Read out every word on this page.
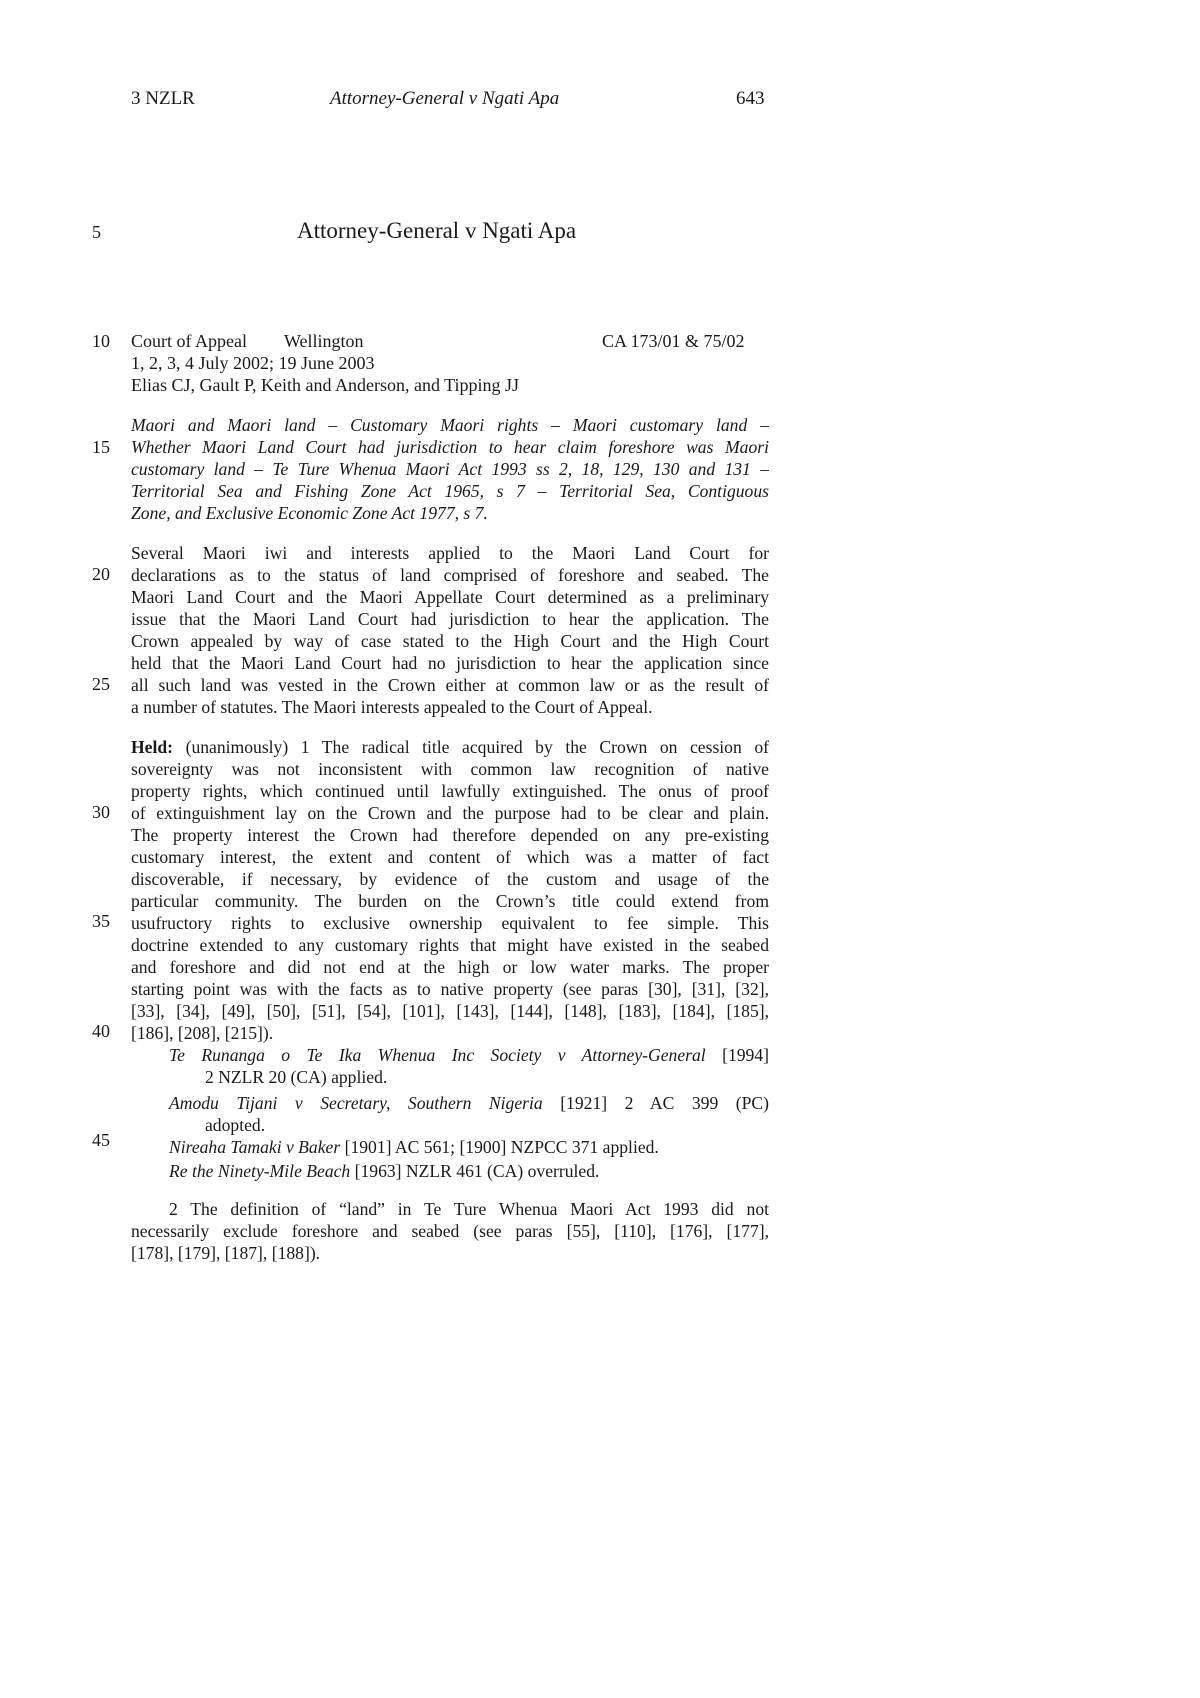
3 NZLR	Attorney-General v Ngati Apa	643
5
10
15
20
25
30
35
40
45
Attorney-General v Ngati Apa
Court of Appeal Wellington	CA 173/01 & 75/02
1, 2, 3, 4 July 2002; 19 June 2003
Elias CJ, Gault P, Keith and Anderson, and Tipping JJ
Maori and Maori land – Customary Maori rights – Maori customary land –
Whether Maori Land Court had jurisdiction to hear claim foreshore was Maori
customary land – Te Ture Whenua Maori Act 1993 ss 2, 18, 129, 130 and 131 –
Territorial Sea and Fishing Zone Act 1965, s 7 – Territorial Sea, Contiguous
Zone, and Exclusive Economic Zone Act 1977, s 7.
Several Maori iwi and interests applied to the Maori Land Court for
declarations as to the status of land comprised of foreshore and seabed. The
Maori Land Court and the Maori Appellate Court determined as a preliminary
issue that the Maori Land Court had jurisdiction to hear the application. The
Crown appealed by way of case stated to the High Court and the High Court
held that the Maori Land Court had no jurisdiction to hear the application since
all such land was vested in the Crown either at common law or as the result of
a number of statutes. The Maori interests appealed to the Court of Appeal.
Held: (unanimously) 1 The radical title acquired by the Crown on cession of
sovereignty was not inconsistent with common law recognition of native
property rights, which continued until lawfully extinguished. The onus of proof
of extinguishment lay on the Crown and the purpose had to be clear and plain.
The property interest the Crown had therefore depended on any pre-existing
customary interest, the extent and content of which was a matter of fact
discoverable, if necessary, by evidence of the custom and usage of the
particular community. The burden on the Crown’s title could extend from
usufructory rights to exclusive ownership equivalent to fee simple. This
doctrine extended to any customary rights that might have existed in the seabed
and foreshore and did not end at the high or low water marks. The proper
starting point was with the facts as to native property (see paras [30], [31], [32],
[33], [34], [49], [50], [51], [54], [101], [143], [144], [148], [183], [184], [185],
[186], [208], [215]).
Te Runanga o Te Ika Whenua Inc Society v Attorney-General [1994]
2 NZLR 20 (CA) applied.
Amodu Tijani v Secretary, Southern Nigeria [1921] 2 AC 399 (PC)
adopted.
Nireaha Tamaki v Baker [1901] AC 561; [1900] NZPCC 371 applied.
Re the Ninety-Mile Beach [1963] NZLR 461 (CA) overruled.
2 The definition of “land” in Te Ture Whenua Maori Act 1993 did not
necessarily exclude foreshore and seabed (see paras [55], [110], [176], [177],
[178], [179], [187], [188]).
